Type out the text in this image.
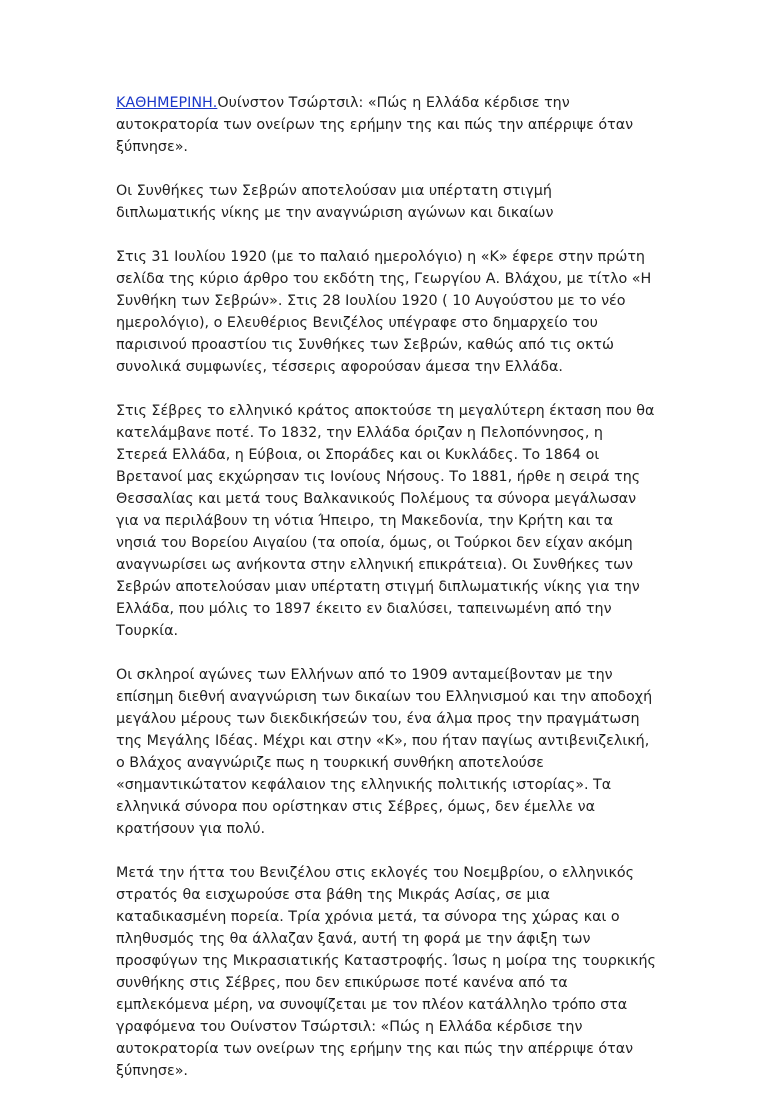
ΚΑΘΗΜΕΡΙΝΗ.Ουίνστον Τσώρτσιλ: «Πώς η Ελλάδα κέρδισε την αυτοκρατορία των ονείρων της ερήμην της και πώς την απέρριψε όταν ξύπνησε».

Οι Συνθήκες των Σεβρών αποτελούσαν μια υπέρτατη στιγμή διπλωματικής νίκης με την αναγνώριση αγώνων και δικαίων

Στις 31 Ιουλίου 1920 (με το παλαιό ημερολόγιο) η «Κ» έφερε στην πρώτη σελίδα της κύριο άρθρο του εκδότη της, Γεωργίου Α. Βλάχου, με τίτλο «Η Συνθήκη των Σεβρών». Στις 28 Ιουλίου 1920 ( 10 Αυγούστου με το νέο ημερολόγιο), ο Ελευθέριος Βενιζέλος υπέγραφε στο δημαρχείο του παρισινού προαστίου τις Συνθήκες των Σεβρών, καθώς από τις οκτώ συνολικά συμφωνίες, τέσσερις αφορούσαν άμεσα την Ελλάδα.

Στις Σέβρες το ελληνικό κράτος αποκτούσε τη μεγαλύτερη έκταση που θα κατελάμβανε ποτέ. Το 1832, την Ελλάδα όριζαν η Πελοπόννησος, η Στερεά Ελλάδα, η Εύβοια, οι Σποράδες και οι Κυκλάδες. Το 1864 οι Βρετανοί μας εκχώρησαν τις Ιονίους Νήσους. Το 1881, ήρθε η σειρά της Θεσσαλίας και μετά τους Βαλκανικούς Πολέμους τα σύνορα μεγάλωσαν για να περιλάβουν τη νότια Ήπειρο, τη Μακεδονία, την Κρήτη και τα νησιά του Βορείου Αιγαίου (τα οποία, όμως, οι Τούρκοι δεν είχαν ακόμη αναγνωρίσει ως ανήκοντα στην ελληνική επικράτεια). Οι Συνθήκες των Σεβρών αποτελούσαν μιαν υπέρτατη στιγμή διπλωματικής νίκης για την Ελλάδα, που μόλις το 1897 έκειτο εν διαλύσει, ταπεινωμένη από την Τουρκία.

Οι σκληροί αγώνες των Ελλήνων από το 1909 ανταμείβονταν με την επίσημη διεθνή αναγνώριση των δικαίων του Ελληνισμού και την αποδοχή μεγάλου μέρους των διεκδικήσεών του, ένα άλμα προς την πραγμάτωση της Μεγάλης Ιδέας. Μέχρι και στην «Κ», που ήταν παγίως αντιβενιζελική, ο Βλάχος αναγνώριζε πως η τουρκική συνθήκη αποτελούσε «σημαντικώτατον κεφάλαιον της ελληνικής πολιτικής ιστορίας». Τα ελληνικά σύνορα που ορίστηκαν στις Σέβρες, όμως, δεν έμελλε να κρατήσουν για πολύ.

Μετά την ήττα του Βενιζέλου στις εκλογές του Νοεμβρίου, ο ελληνικός στρατός θα εισχωρούσε στα βάθη της Μικράς Ασίας, σε μια καταδικασμένη πορεία. Τρία χρόνια μετά, τα σύνορα της χώρας και ο πληθυσμός της θα άλλαζαν ξανά, αυτή τη φορά με την άφιξη των προσφύγων της Μικρασιατικής Καταστροφής. Ίσως η μοίρα της τουρκικής συνθήκης στις Σέβρες, που δεν επικύρωσε ποτέ κανένα από τα εμπλεκόμενα μέρη, να συνοψίζεται με τον πλέον κατάλληλο τρόπο στα γραφόμενα του Ουίνστον Τσώρτσιλ: «Πώς η Ελλάδα κέρδισε την αυτοκρατορία των ονείρων της ερήμην της και πώς την απέρριψε όταν ξύπνησε».
